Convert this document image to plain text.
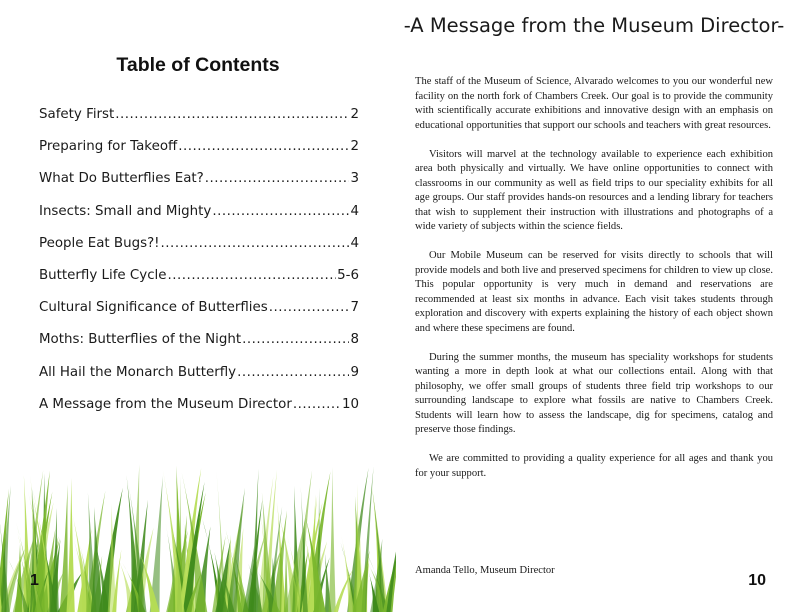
Table of Contents
Safety First .....	2
Preparing for Takeoff .....	2
What Do Butterflies Eat? .....	3
Insects: Small and Mighty .....	4
People Eat Bugs?! .....	4
Butterfly Life Cycle .....	5-6
Cultural Significance of Butterflies .....	7
Moths: Butterflies of the Night .....	8
All Hail the Monarch Butterfly .....	9
A Message from the Museum Director .....	10
1
-A Message from the Museum Director-

The staff of the Museum of Science, Alvarado welcomes to you our wonderful new facility on the north fork of Chambers Creek. Our goal is to provide the community with scientifically accurate exhibitions and innovative design with an emphasis on educational opportunities that support our schools and teachers with great resources.

Visitors will marvel at the technology available to experience each exhibition area both physically and virtually. We have online opportunities to connect with classrooms in our community as well as field trips to our speciality exhibits for all age groups. Our staff provides hands-on resources and a lending library for teachers that wish to supplement their instruction with illustrations and photographs of a wide variety of subjects within the science fields.

Our Mobile Museum can be reserved for visits directly to schools that will provide models and both live and preserved specimens for children to view up close. This popular opportunity is very much in demand and reservations are recommended at least six months in advance. Each visit takes students through exploration and discovery with experts explaining the history of each object shown and where these specimens are found.

During the summer months, the museum has speciality workshops for students wanting a more in depth look at what our collections entail. Along with that philosophy, we offer small groups of students three field trip workshops to our surrounding landscape to explore what fossils are native to Chambers Creek. Students will learn how to assess the landscape, dig for specimens, catalog and preserve those findings.

We are committed to providing a quality experience for all ages and thank you for your support.

Amanda Tello, Museum Director
10
